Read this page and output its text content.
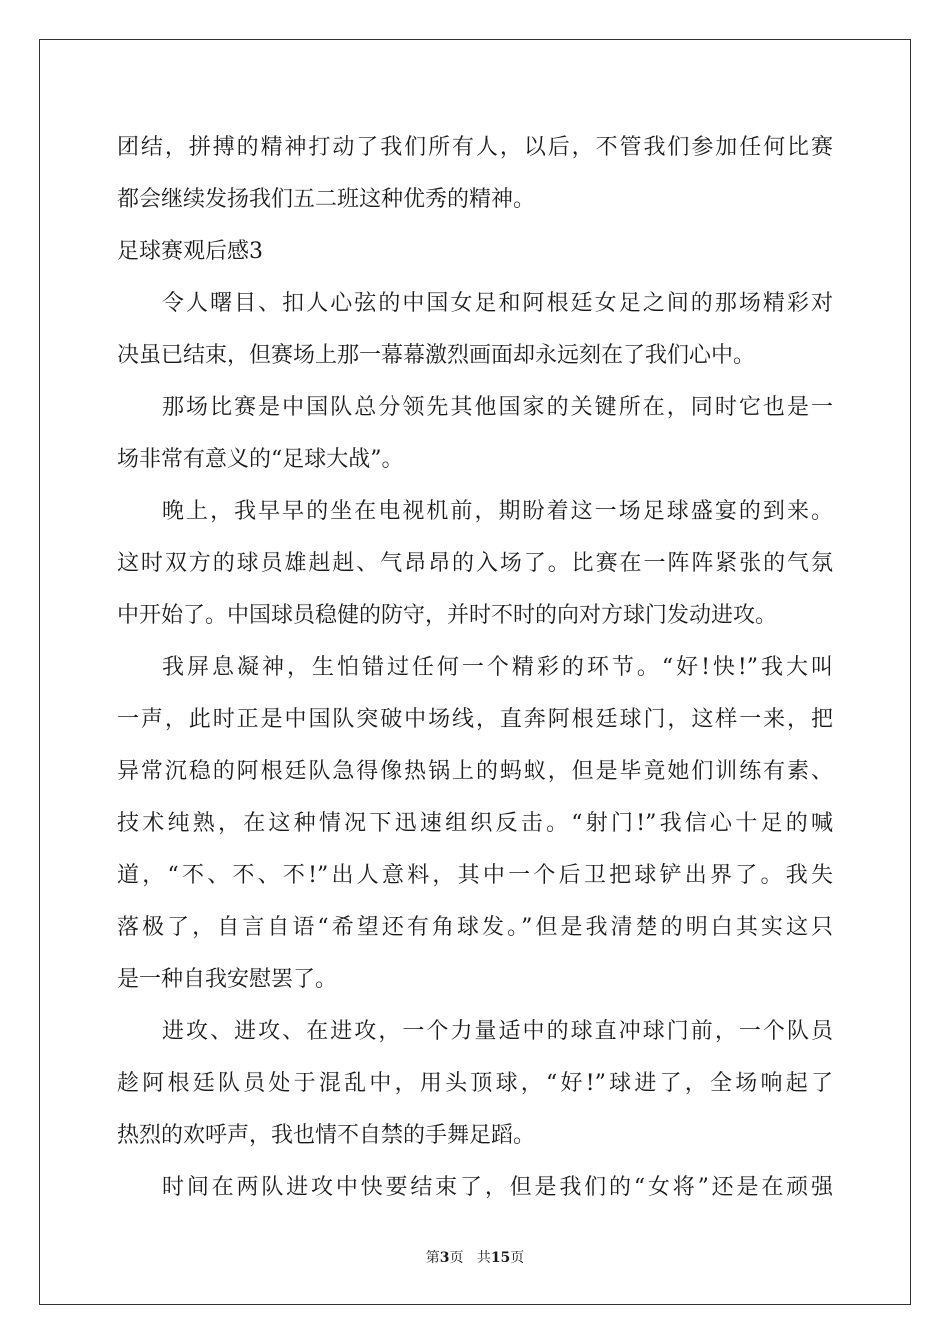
团结，拼搏的精神打动了我们所有人，以后，不管我们参加任何比赛
都会继续发扬我们五二班这种优秀的精神。
足球赛观后感3
令人曙目、扣人心弦的中国女足和阿根廷女足之间的那场精彩对
决虽已结束，但赛场上那一幕幕激烈画面却永远刻在了我们心中。
那场比赛是中国队总分领先其他国家的关键所在，同时它也是一
场非常有意义的“足球大战”。
晚上，我早早的坐在电视机前，期盼着这一场足球盛宴的到来。
这时双方的球员雄赳赳、气昂昂的入场了。比赛在一阵阵紧张的气氛
中开始了。中国球员稳健的防守，并时不时的向对方球门发动进攻。
我屏息凝神，生怕错过任何一个精彩的环节。“好!快!”我大叫
一声，此时正是中国队突破中场线，直奔阿根廷球门，这样一来，把
异常沉稳的阿根廷队急得像热锅上的蚂蚁，但是毕竟她们训练有素、
技术纯熟，在这种情况下迅速组织反击。“射门!”我信心十足的喊
道，“不、不、不!”出人意料，其中一个后卫把球铲出界了。我失
落极了，自言自语“希望还有角球发。”但是我清楚的明白其实这只
是一种自我安慰罢了。
进攻、进攻、在进攻，一个力量适中的球直冲球门前，一个队员
趁阿根廷队员处于混乱中，用头顶球，“好!”球进了，全场响起了
热烈的欢呼声，我也情不自禁的手舞足蹈。
时间在两队进攻中快要结束了，但是我们的“女将”还是在顽强
第3页 共15页
